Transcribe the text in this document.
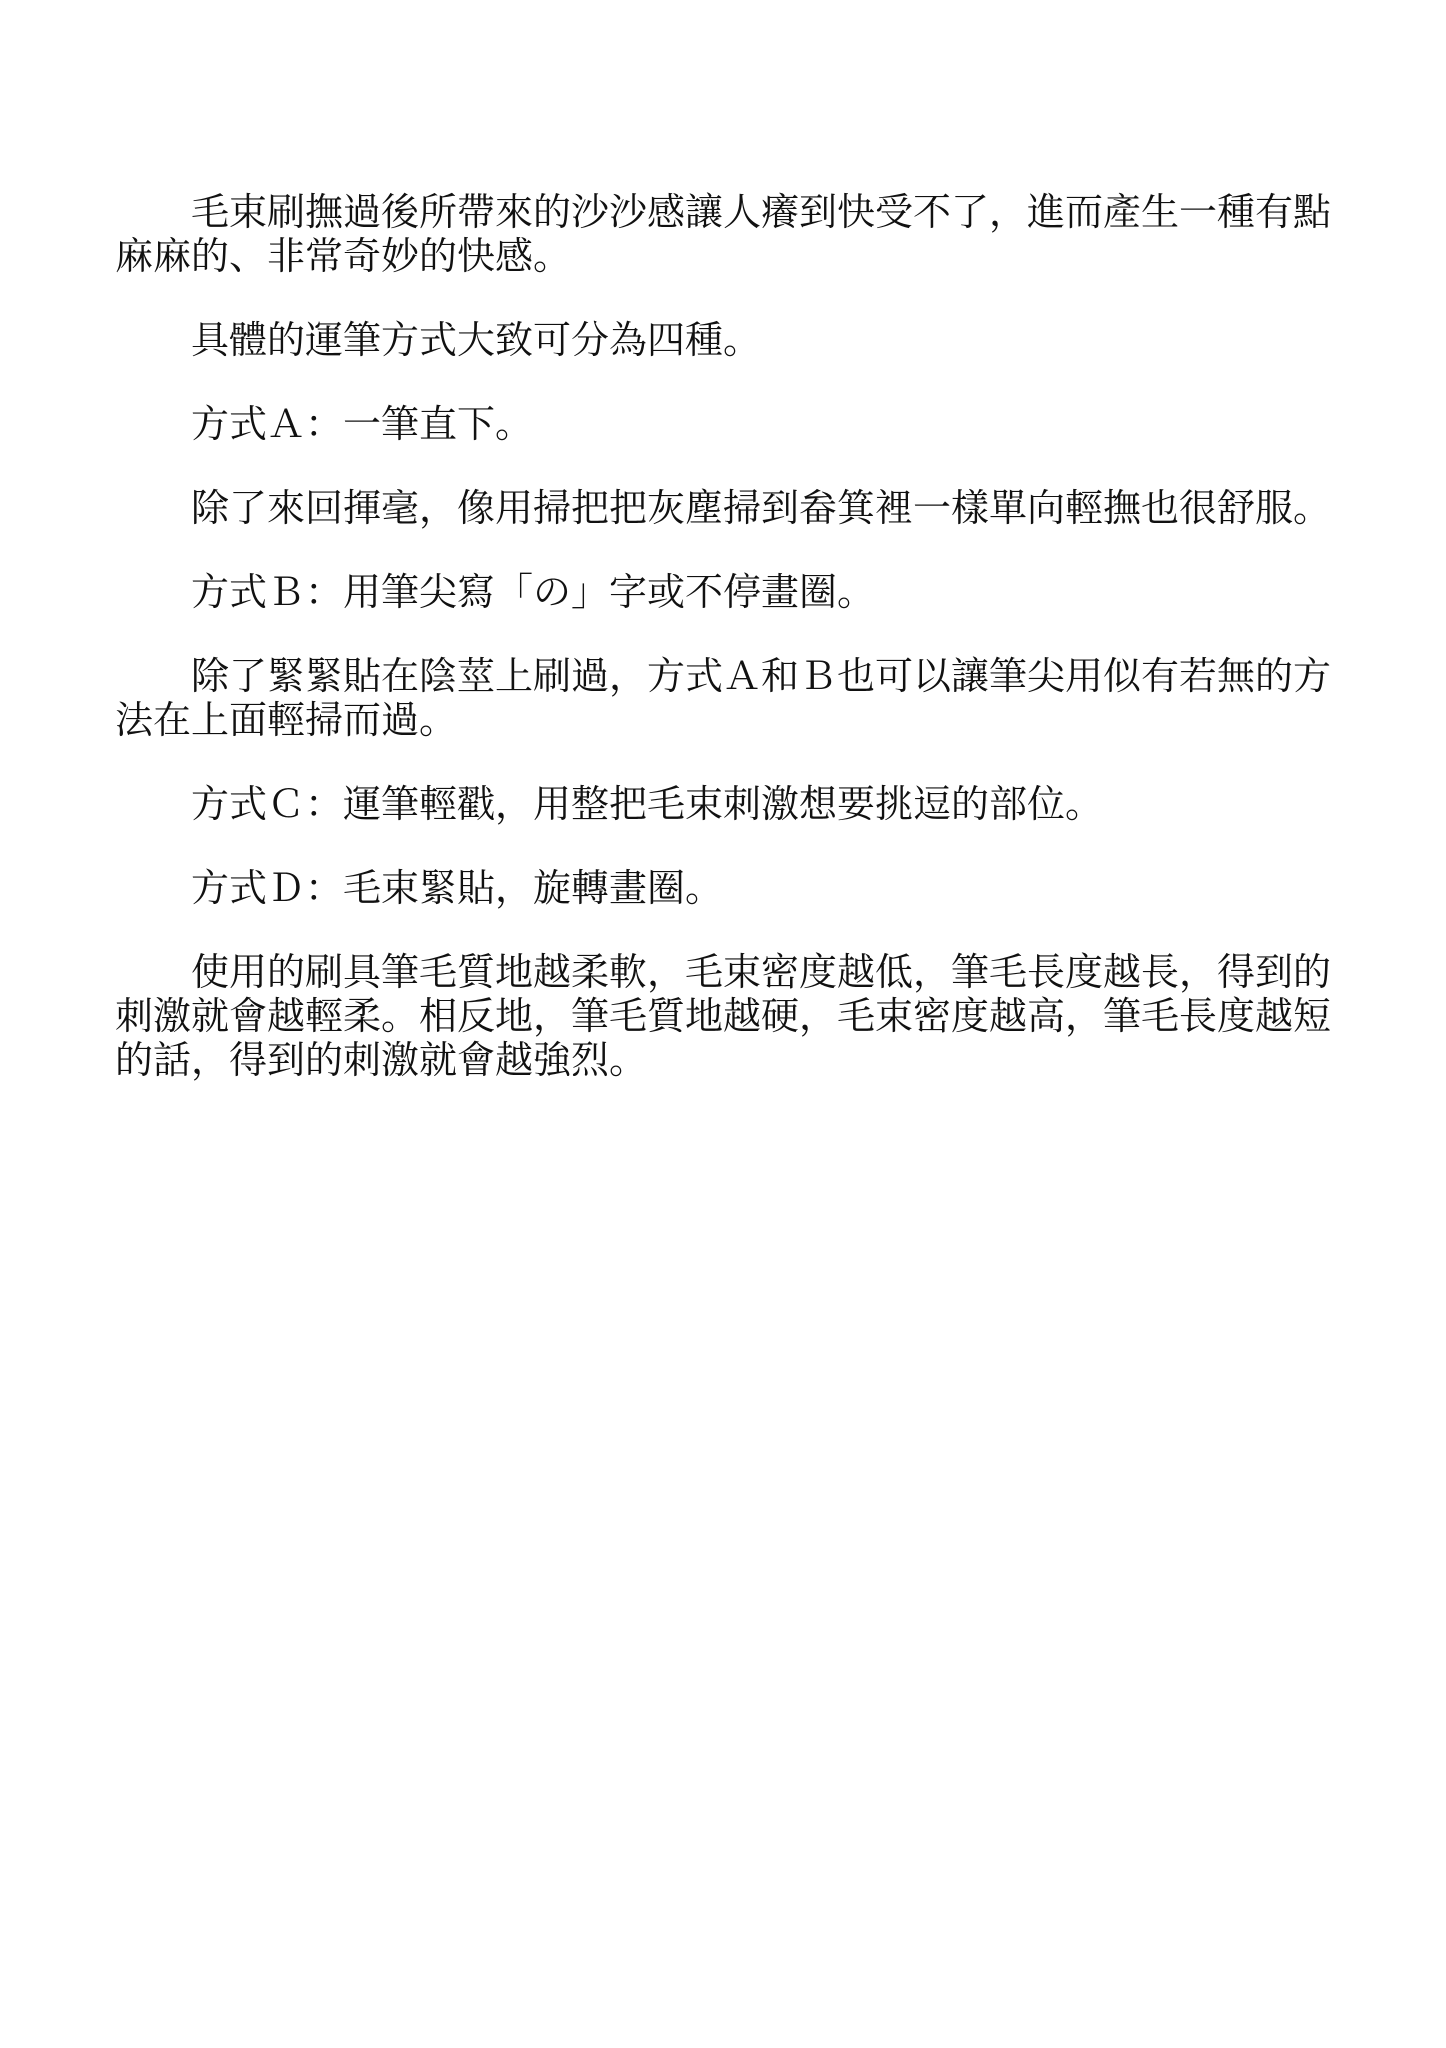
毛束刷撫過後所帶來的沙沙感讓人癢到快受不了，進而產生一種有點麻麻的、非常奇妙的快感。

具體的運筆方式大致可分為四種。

方式Ａ：一筆直下。

除了來回揮毫，像用掃把把灰塵掃到畚箕裡一樣單向輕撫也很舒服。

方式Ｂ：用筆尖寫「の」字或不停畫圈。

除了緊緊貼在陰莖上刷過，方式Ａ和Ｂ也可以讓筆尖用似有若無的方法在上面輕掃而過。

方式Ｃ：運筆輕戳，用整把毛束刺激想要挑逗的部位。

方式Ｄ：毛束緊貼，旋轉畫圈。

使用的刷具筆毛質地越柔軟，毛束密度越低，筆毛長度越長，得到的刺激就會越輕柔。相反地，筆毛質地越硬，毛束密度越高，筆毛長度越短的話，得到的刺激就會越強烈。
